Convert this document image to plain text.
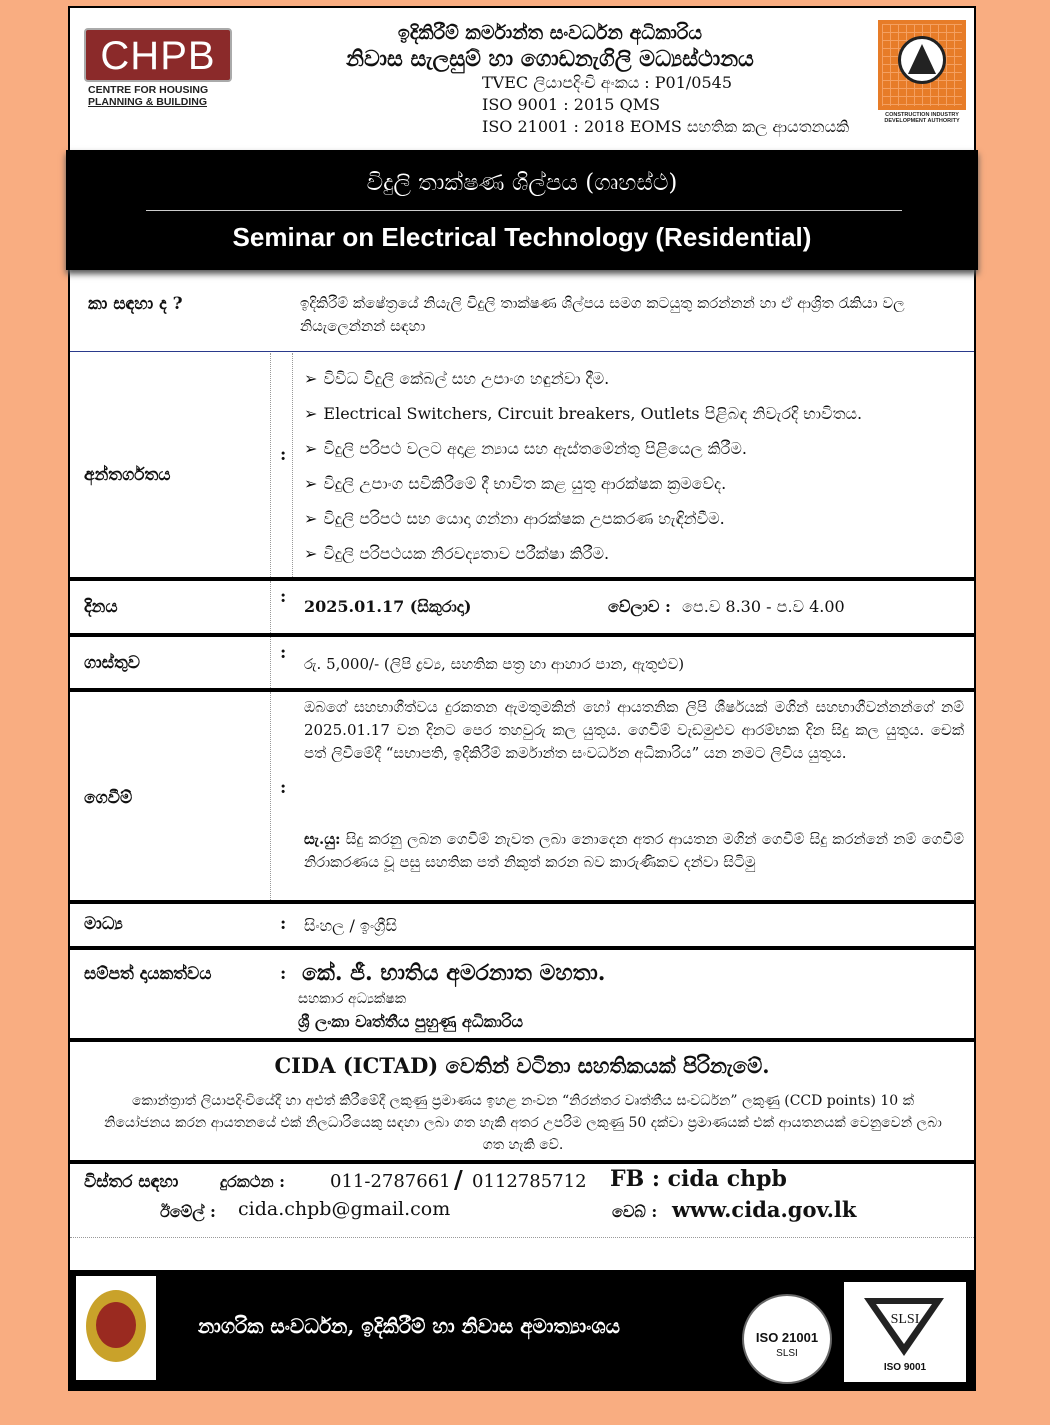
CHPB
CENTRE FOR HOUSING
PLANNING & BUILDING
ඉදිකිරීම් කර්මාන්ත සංවර්ධන අධිකාරිය
නිවාස සැලසුම් හා ගොඩනැගිලි මධ්‍යස්ථානය
TVEC ලියාපදිංචි අංකය : P01/0545
ISO 9001 : 2015 QMS
ISO 21001 : 2018 EOMS සහතික කල ආයතනයකි
CONSTRUCTION INDUSTRY DEVELOPMENT AUTHORITY
විදුලි තාක්ෂණ ශිල්පය (ගෘහස්ථ)
Seminar on Electrical Technology (Residential)
කා සඳහා ද ?	ඉදිකිරීම් ක්ෂේත්‍රයේ නියැලි විදුලි තාක්ෂණ ශිල්පය සමග කටයුතු කරන්නන් හා ඒ ආශ්‍රිත රැකියා වල නියැලෙන්නන් සඳහා
අන්තර්ගතය
:
➢ විවිධ විදුලි කේබල් සහ උපාංග හඳුන්වා දීම.
➢ Electrical Switchers, Circuit breakers, Outlets පිළිබඳ නිවැරදි භාවිතය.
➢ විදුලි පරිපථ වලට අදාළ න්‍යාය සහ ඇස්තමේන්තු පිළියෙල කිරීම.
➢ විදුලි උපාංග සවිකිරීමේ දී භාවිත කළ යුතු ආරක්ෂක ක්‍රමවේද.
➢ විදුලි පරිපථ සහ යොදා ගන්නා ආරක්ෂක උපකරණ හැඳින්වීම.
➢ විදුලි පරිපථයක නිරවද්‍යතාව පරීක්ෂා කිරීම.
දිනය	: 2025.01.17 (සිකුරාදා)	වේලාව : පෙ.ව 8.30 - ප.ව 4.00
ගාස්තුව	:
රු. 5,000/- (ලිපි ද්‍රව්‍ය, සහතික පත්‍ර හා ආහාර පාන, ඇතුළුව)
ගෙවීම්	:
ඔබගේ සහභාගීත්වය දුරකතන ඇමතුමකින් හෝ ආයතනික ලිපි ශීර්ෂයක් මගින් සහභාගීවන්නන්ගේ නම් 2025.01.17 වන දිනට පෙර තහවුරු කල යුතුය. ගෙවීම් වැඩමුළුව ආරම්භක දින සිදු කල යුතුය. චෙක් පත් ලිවීමේදී “සභාපති, ඉදිකිරීම් කර්මාන්ත සංවර්ධන අධිකාරිය” යන නමට ලිවිය යුතුය.
සැ.යු: සිදු කරනු ලබන ගෙවීම් නැවත ලබා නොදෙන අතර ආයතන මගින් ගෙවීම් සිදු කරන්නේ නම් ගෙවීම් නිරාකරණය වූ පසු සහතික පත් නිකුත් කරන බව කාරුණිකව දන්වා සිටිමු
මාධ්‍ය	: සිංහල / ඉංග්‍රීසි
සම්පත් දායකත්වය	: කේ. ජී. භාතිය අමරනාත මහතා.
සහකාර අධ්‍යක්ෂක
ශ්‍රී ලංකා වෘත්තීය පුහුණු අධිකාරිය
CIDA (ICTAD) වෙතින් වටිනා සහතිකයක් පිරිනැමේ.
කොන්ත්‍රාත් ලියාපදිංචියේදී හා අළුත් කිරීමේදී ලකුණු ප්‍රමාණය ඉහළ නංවන “නිරන්තර වෘත්තීය සංවර්ධන” ලකුණු (CCD points) 10 ක් නියෝජනය කරන ආයතනයේ එක් නිලධාරියෙකු සඳහා ලබා ගත හැකි අතර උපරිම ලකුණු 50 දක්වා ප්‍රමාණයක් එක් ආයතනයක් වෙනුවෙන් ලබා ගත හැකි වේ.
විස්තර සඳහා	දුරකථන : 011-2787661 / 0112785712 FB : cida chpb
ඊමේල් : cida.chpb@gmail.com	වෙබ් : www.cida.gov.lk
නාගරික සංවර්ධන, ඉදිකිරීම් හා නිවාස අමාත්‍යාංශය	ISO 21001
SLSI
SLSI
ISO 9001
